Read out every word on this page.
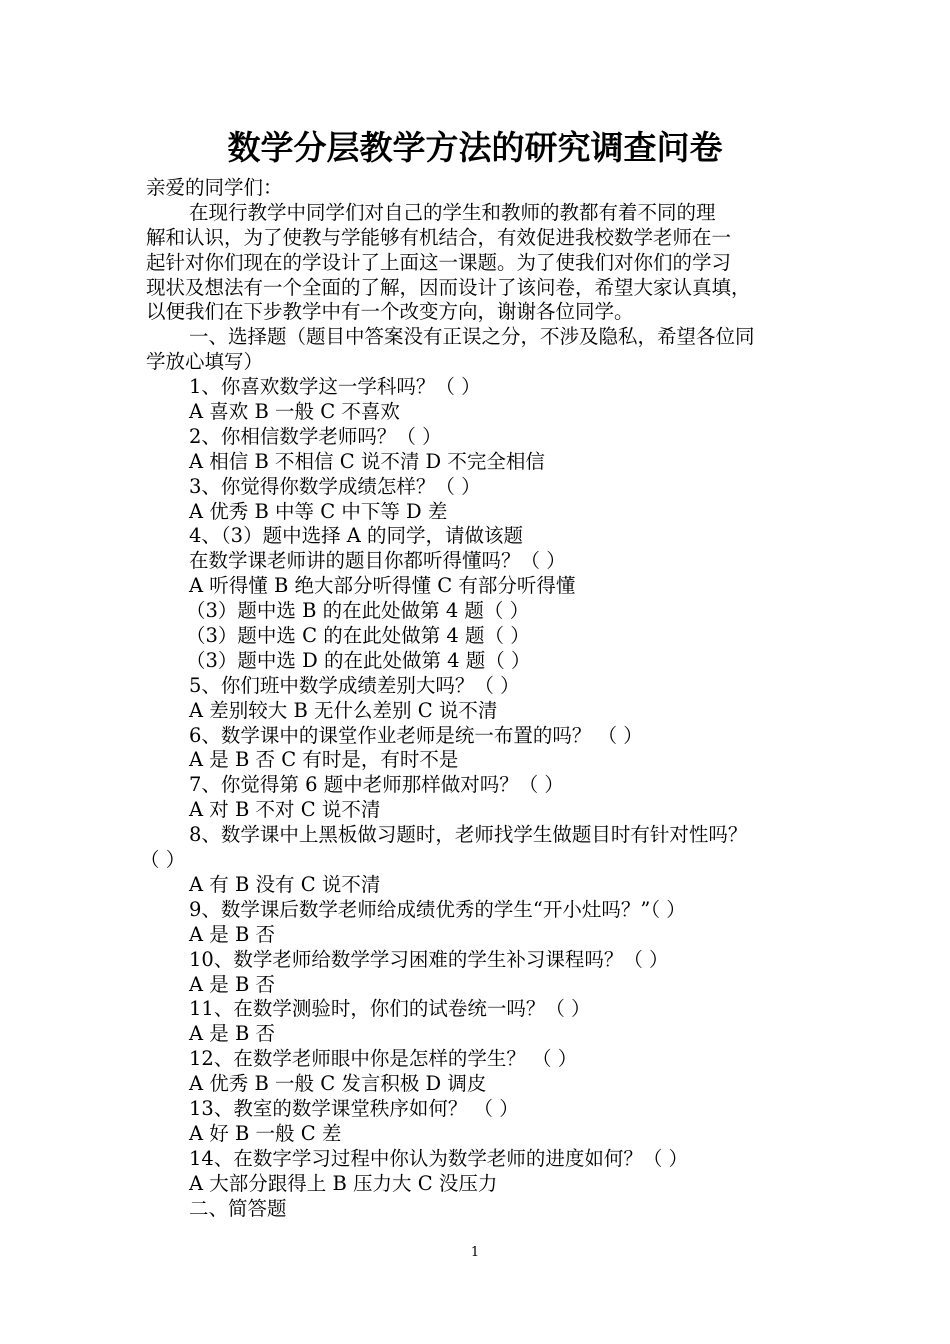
数学分层教学方法的研究调查问卷
亲爱的同学们：
在现行教学中同学们对自己的学生和教师的教都有着不同的理
解和认识，为了使教与学能够有机结合，有效促进我校数学老师在一
起针对你们现在的学设计了上面这一课题。为了使我们对你们的学习
现状及想法有一个全面的了解，因而设计了该问卷，希望大家认真填，
以便我们在下步教学中有一个改变方向，谢谢各位同学。
一、选择题（题目中答案没有正误之分，不涉及隐私，希望各位同
学放心填写）
1、你喜欢数学这一学科吗？（ ）
A 喜欢 B 一般 C 不喜欢
2、你相信数学老师吗？（ ）
A 相信 B 不相信 C 说不清 D 不完全相信
3、你觉得你数学成绩怎样？（ ）
A 优秀 B 中等 C 中下等 D 差
4、（3）题中选择 A 的同学，请做该题
在数学课老师讲的题目你都听得懂吗？（ ）
A 听得懂 B 绝大部分听得懂 C 有部分听得懂
（3）题中选 B 的在此处做第 4 题（ ）
（3）题中选 C 的在此处做第 4 题（ ）
（3）题中选 D 的在此处做第 4 题（ ）
5、你们班中数学成绩差别大吗？（ ）
A 差别较大 B 无什么差别 C 说不清
6、数学课中的课堂作业老师是统一布置的吗？ （ ）
A 是 B 否 C 有时是，有时不是
7、你觉得第 6 题中老师那样做对吗？（ ）
A 对 B 不对 C 说不清
8、数学课中上黑板做习题时，老师找学生做题目时有针对性吗？
（ ）
A 有 B 没有 C 说不清
9、数学课后数学老师给成绩优秀的学生“开小灶吗？”（ ）
A 是 B 否
10、数学老师给数学学习困难的学生补习课程吗？（ ）
A 是 B 否
11、在数学测验时，你们的试卷统一吗？（ ）
A 是 B 否
12、在数学老师眼中你是怎样的学生？ （ ）
A 优秀 B 一般 C 发言积极 D 调皮
13、教室的数学课堂秩序如何？ （ ）
A 好 B 一般 C 差
14、在数字学习过程中你认为数学老师的进度如何？（ ）
A 大部分跟得上 B 压力大 C 没压力
二、简答题
1
